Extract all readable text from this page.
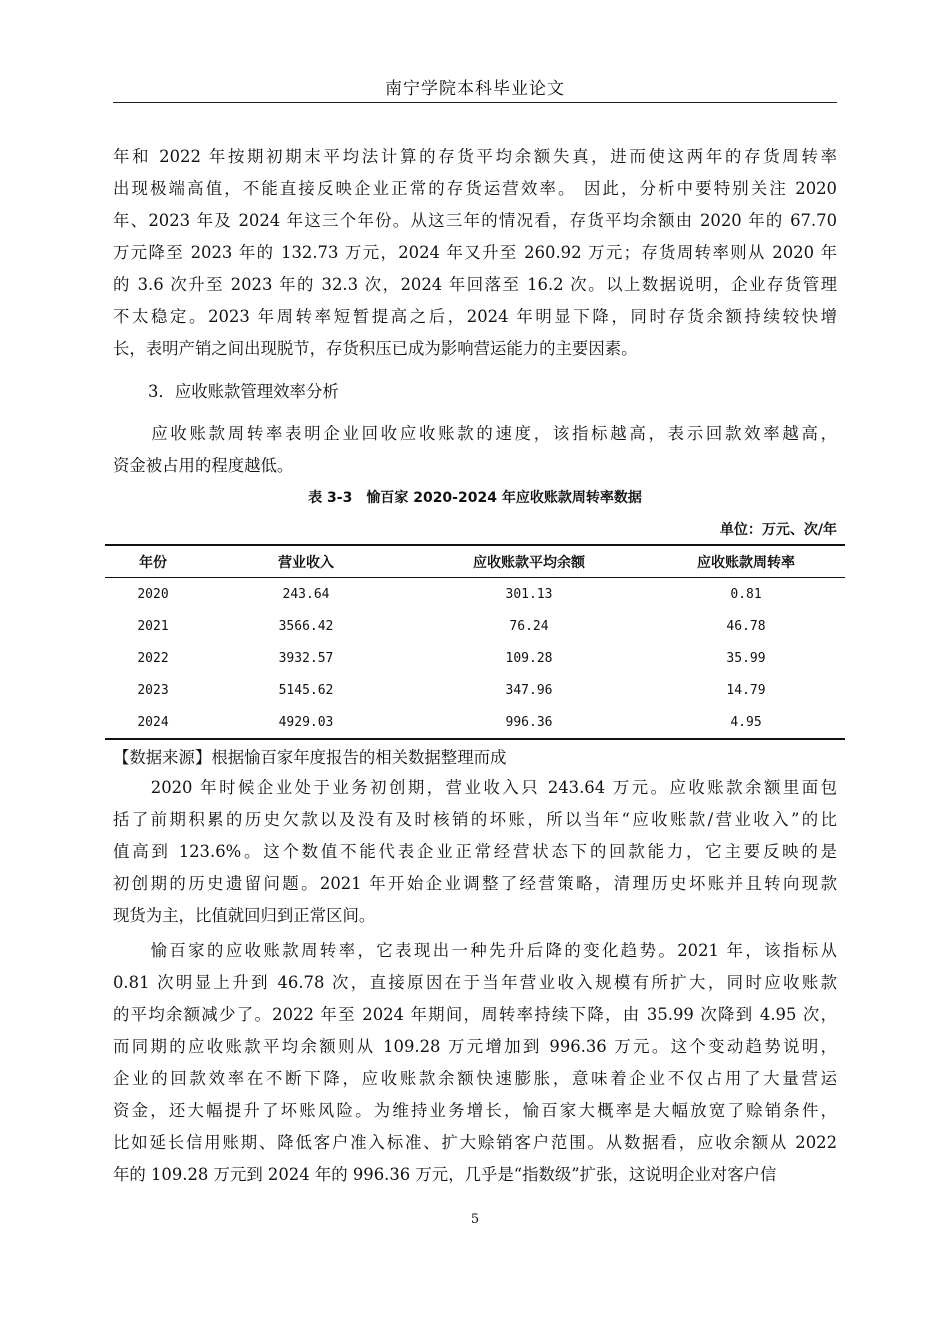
南宁学院本科毕业论文
年和 2022 年按期初期末平均法计算的存货平均余额失真，进而使这两年的存货周转率
出现极端高值，不能直接反映企业正常的存货运营效率。 因此，分析中要特别关注 2020
年、2023 年及 2024 年这三个年份。从这三年的情况看，存货平均余额由 2020 年的 67.70
万元降至 2023 年的 132.73 万元，2024 年又升至 260.92 万元；存货周转率则从 2020 年
的 3.6 次升至 2023 年的 32.3 次，2024 年回落至 16.2 次。以上数据说明，企业存货管理
不太稳定。2023 年周转率短暂提高之后，2024 年明显下降，同时存货余额持续较快增
长，表明产销之间出现脱节，存货积压已成为影响营运能力的主要因素。
3．应收账款管理效率分析
　　应收账款周转率表明企业回收应收账款的速度，该指标越高，表示回款效率越高，
资金被占用的程度越低。
表 3-3　愉百家 2020-2024 年应收账款周转率数据
单位：万元、次/年
年份	营业收入	应收账款平均余额	应收账款周转率
2020	243.64	301.13	0.81
2021	3566.42	76.24	46.78
2022	3932.57	109.28	35.99
2023	5145.62	347.96	14.79
2024	4929.03	996.36	4.95
【数据来源】根据愉百家年度报告的相关数据整理而成
　　2020 年时候企业处于业务初创期，营业收入只 243.64 万元。应收账款余额里面包
括了前期积累的历史欠款以及没有及时核销的坏账，所以当年“应收账款/营业收入”的比
值高到 123.6%。这个数值不能代表企业正常经营状态下的回款能力，它主要反映的是
初创期的历史遗留问题。2021 年开始企业调整了经营策略，清理历史坏账并且转向现款
现货为主，比值就回归到正常区间。
　　愉百家的应收账款周转率，它表现出一种先升后降的变化趋势。2021 年，该指标从
0.81 次明显上升到 46.78 次，直接原因在于当年营业收入规模有所扩大，同时应收账款
的平均余额减少了。2022 年至 2024 年期间，周转率持续下降，由 35.99 次降到 4.95 次，
而同期的应收账款平均余额则从 109.28 万元增加到 996.36 万元。这个变动趋势说明，
企业的回款效率在不断下降，应收账款余额快速膨胀，意味着企业不仅占用了大量营运
资金，还大幅提升了坏账风险。为维持业务增长，愉百家大概率是大幅放宽了赊销条件，
比如延长信用账期、降低客户准入标准、扩大赊销客户范围。从数据看，应收余额从 2022
年的 109.28 万元到 2024 年的 996.36 万元，几乎是“指数级”扩张，这说明企业对客户信
5
